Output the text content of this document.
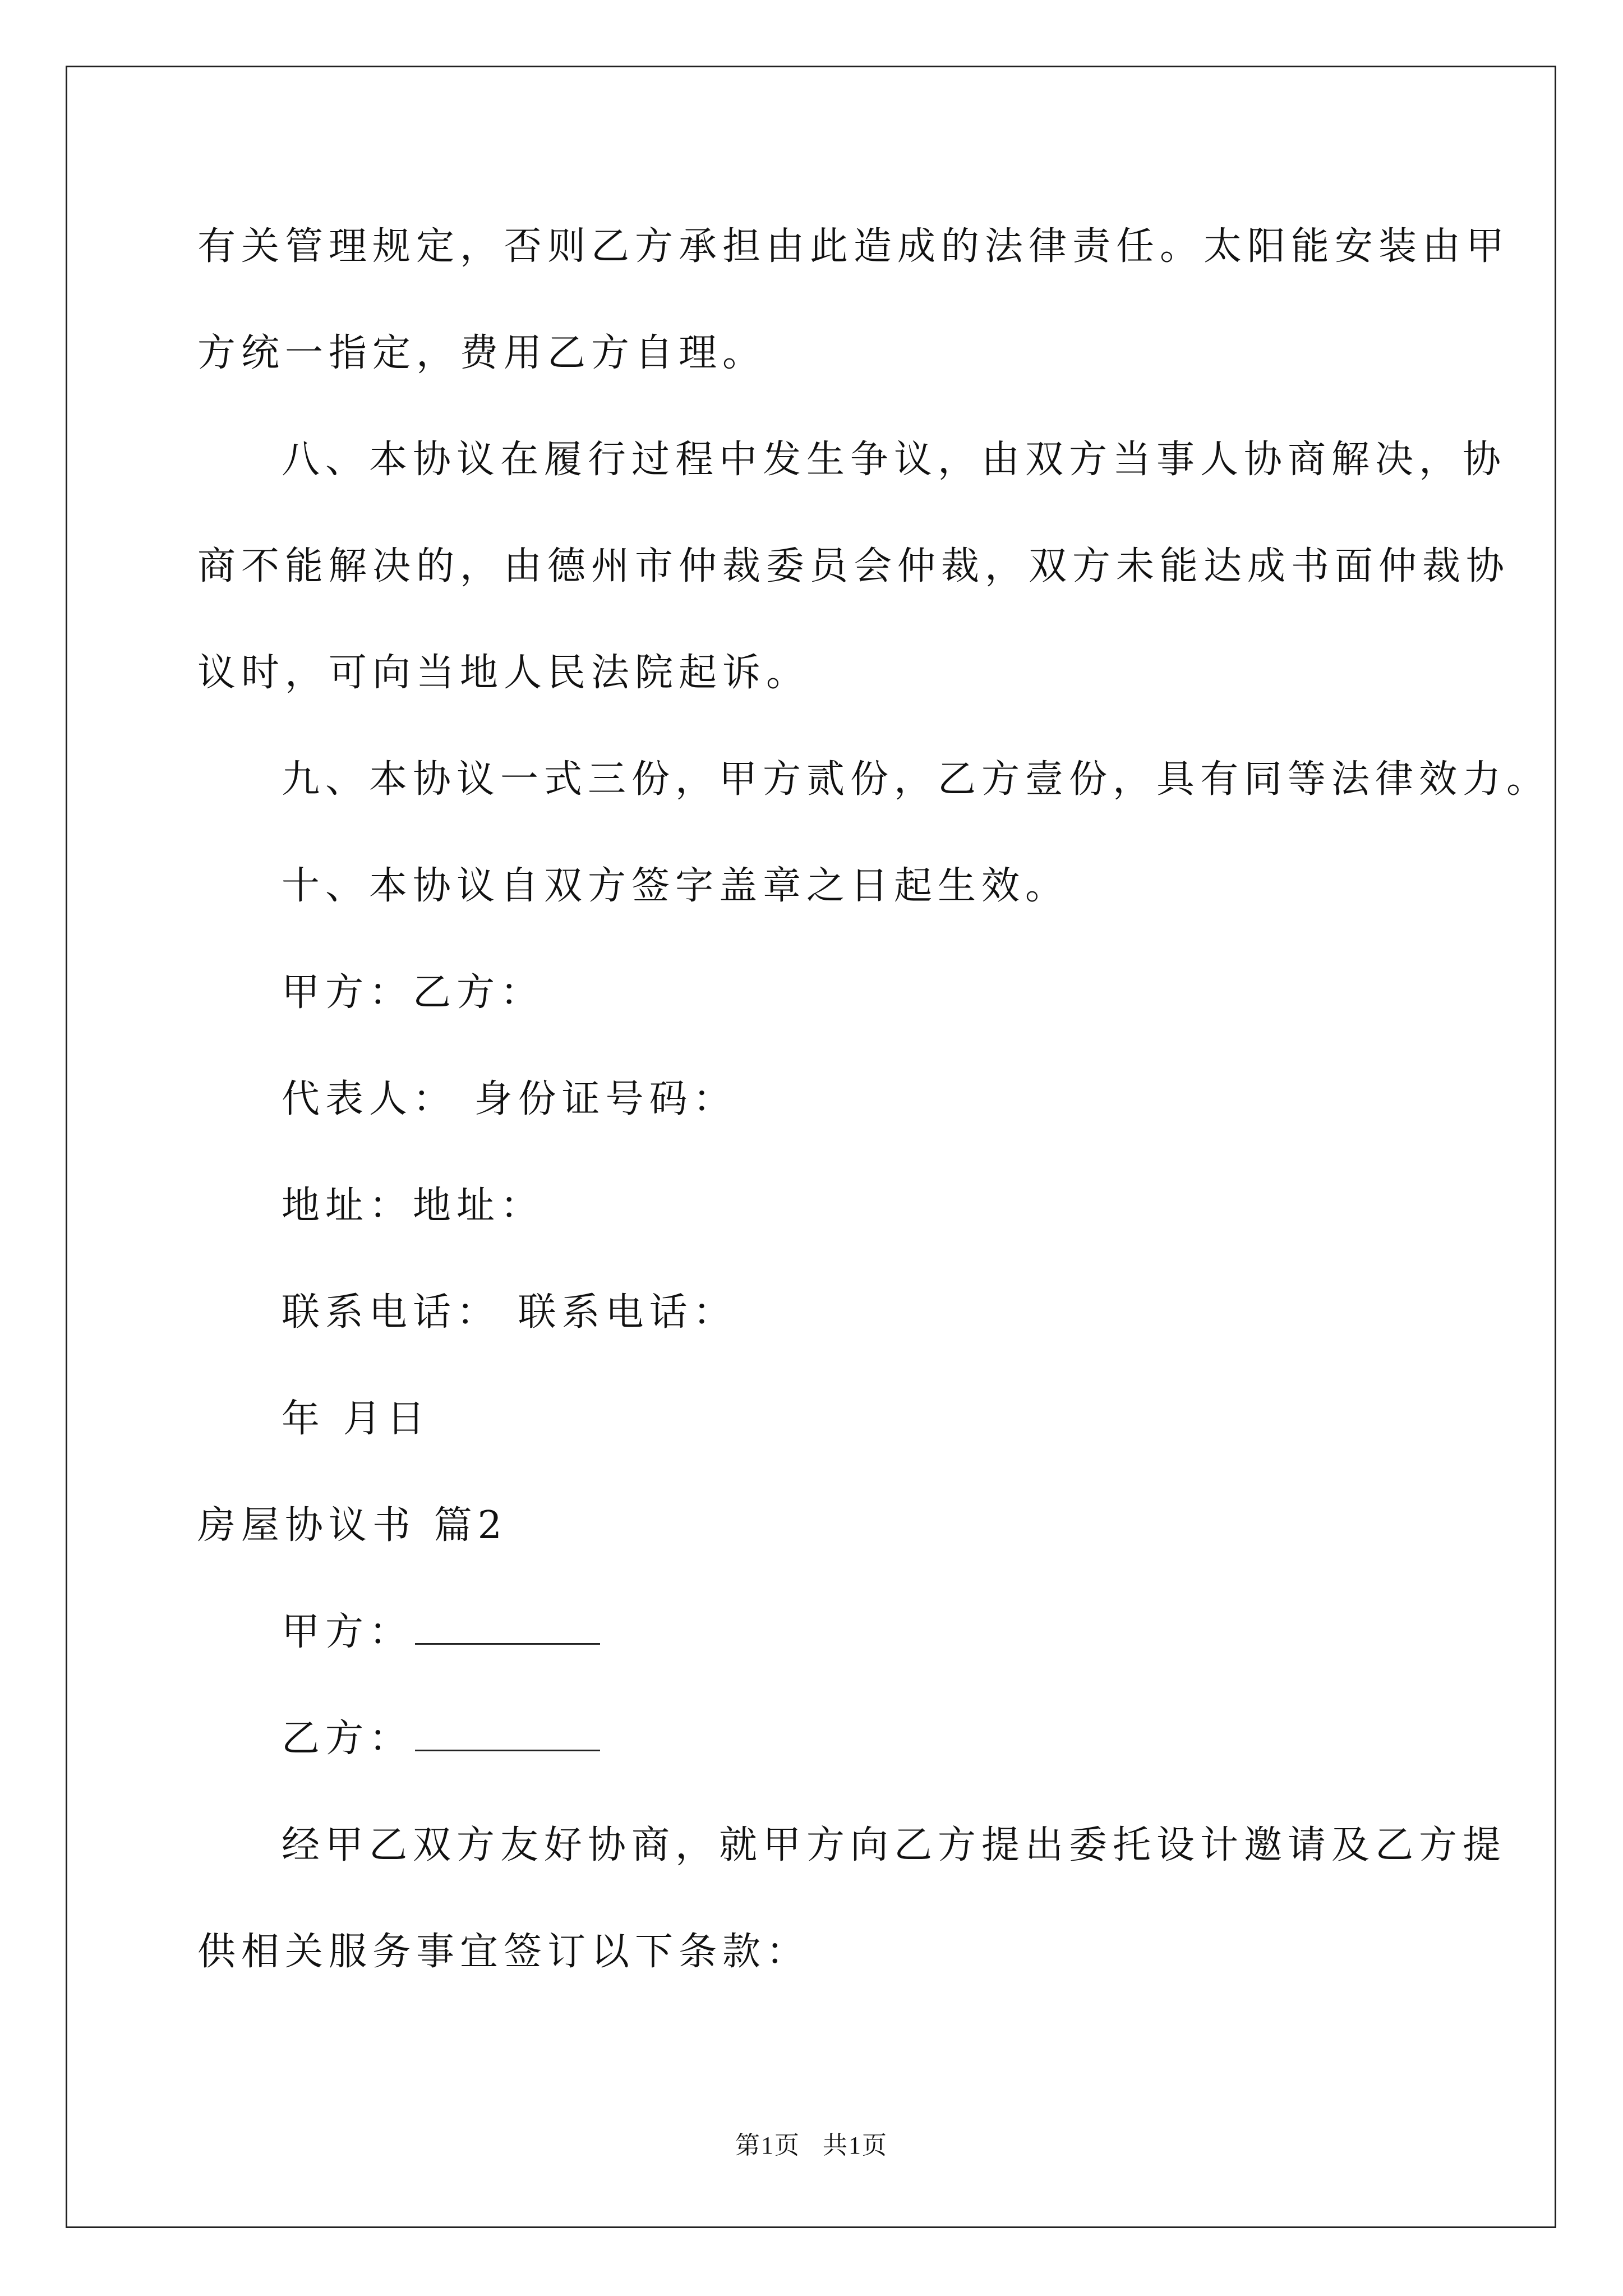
有关管理规定，否则乙方承担由此造成的法律责任。太阳能安装由甲
方统一指定，费用乙方自理。
八、本协议在履行过程中发生争议，由双方当事人协商解决，协
商不能解决的，由德州市仲裁委员会仲裁，双方未能达成书面仲裁协
议时，可向当地人民法院起诉。
九、本协议一式三份，甲方贰份，乙方壹份，具有同等法律效力。
十、本协议自双方签字盖章之日起生效。
甲方：乙方：
代表人： 身份证号码：
地址：地址：
联系电话： 联系电话：
年 月日
房屋协议书 篇2
甲方：
乙方：
经甲乙双方友好协商，就甲方向乙方提出委托设计邀请及乙方提
供相关服务事宜签订以下条款：
第1页 共1页
